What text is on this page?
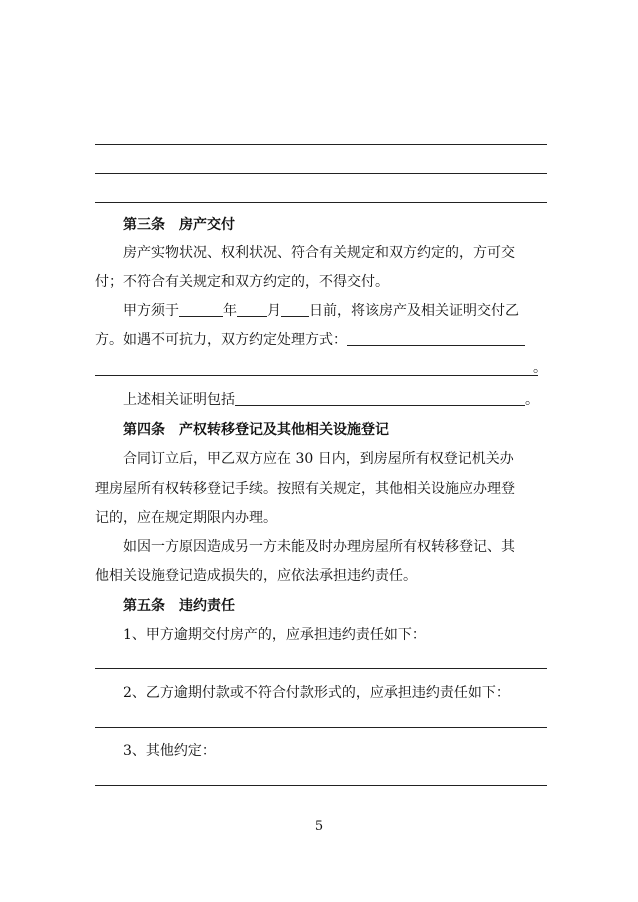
第三条 房产交付
房产实物状况、权利状况、符合有关规定和双方约定的，方可交
付；不符合有关规定和双方约定的，不得交付。
甲方须于	年 月 日前，将该房产及相关证明交付乙
方。如遇不可抗力，双方约定处理方式：
。
上述相关证明包括	。
第四条 产权转移登记及其他相关设施登记
合同订立后，甲乙双方应在 30 日内，到房屋所有权登记机关办
理房屋所有权转移登记手续。按照有关规定，其他相关设施应办理登
记的，应在规定期限内办理。
如因一方原因造成另一方未能及时办理房屋所有权转移登记、其
他相关设施登记造成损失的，应依法承担违约责任。
第五条 违约责任
1、甲方逾期交付房产的，应承担违约责任如下：
2、乙方逾期付款或不符合付款形式的，应承担违约责任如下：
3、其他约定：
5
